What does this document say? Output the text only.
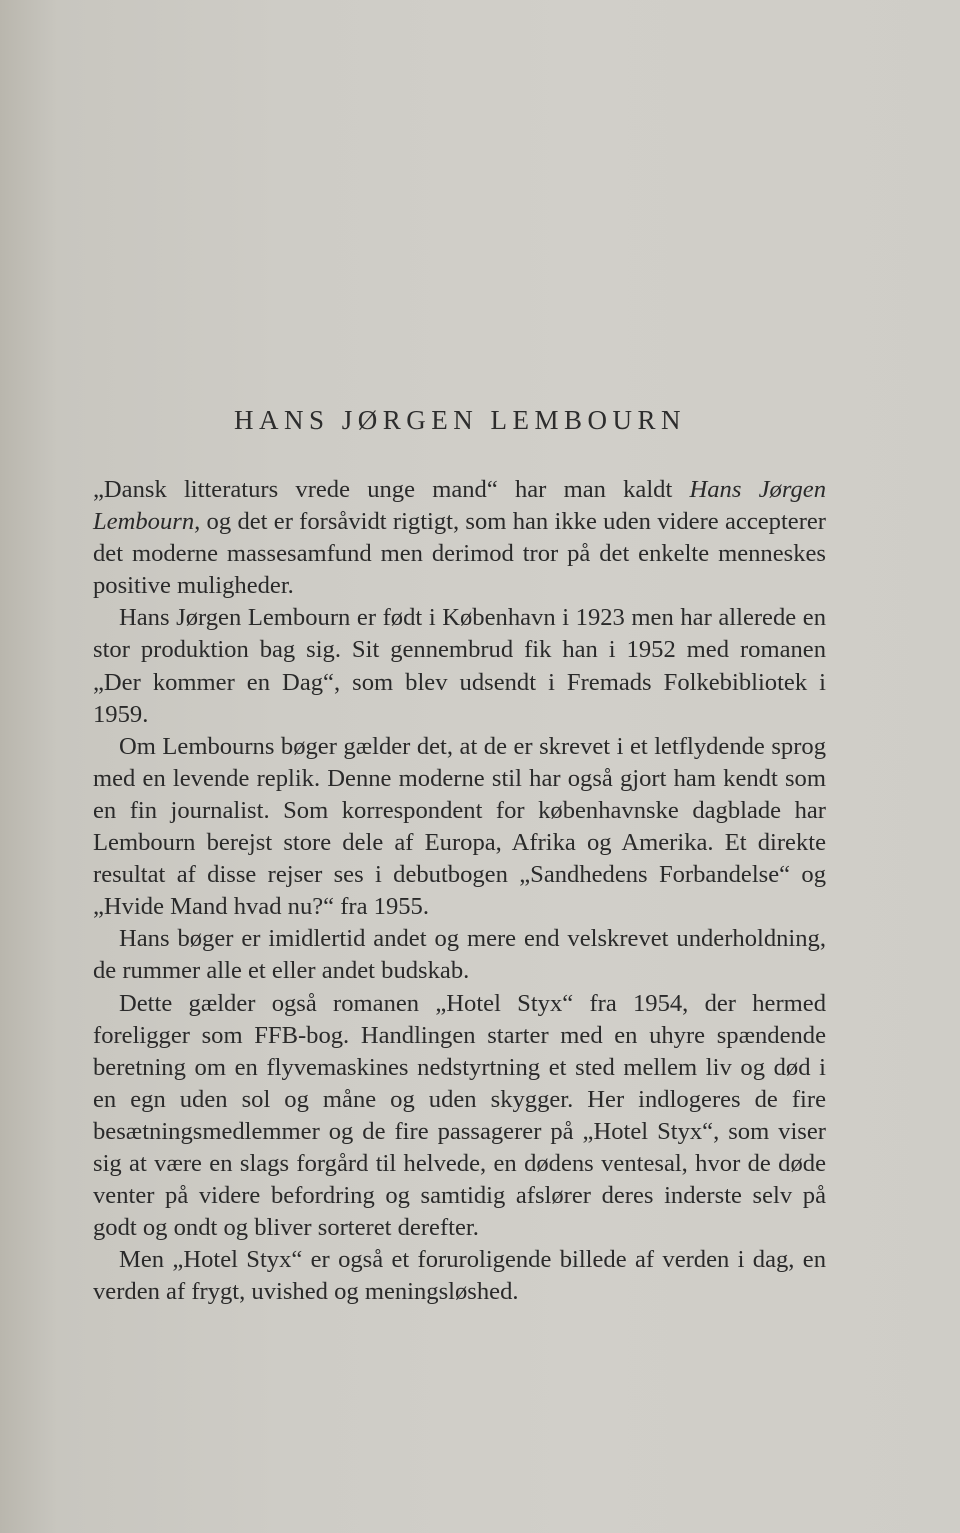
HANS JØRGEN LEMBOURN

„Dansk litteraturs vrede unge mand“ har man kaldt Hans Jørgen Lembourn, og det er forsåvidt rigtigt, som han ikke uden videre accepterer det moderne massesamfund men derimod tror på det enkelte menneskes positive muligheder.

Hans Jørgen Lembourn er født i København i 1923 men har allerede en stor produktion bag sig. Sit gennembrud fik han i 1952 med romanen „Der kommer en Dag“, som blev udsendt i Fremads Folkebibliotek i 1959.

Om Lembourns bøger gælder det, at de er skrevet i et letflydende sprog med en levende replik. Denne moderne stil har også gjort ham kendt som en fin journalist. Som korrespondent for københavnske dagblade har Lembourn berejst store dele af Europa, Afrika og Amerika. Et direkte resultat af disse rejser ses i debutbogen „Sandhedens Forbandelse“ og „Hvide Mand hvad nu?“ fra 1955.

Hans bøger er imidlertid andet og mere end velskrevet underholdning, de rummer alle et eller andet budskab.

Dette gælder også romanen „Hotel Styx“ fra 1954, der hermed foreligger som FFB-bog. Handlingen starter med en uhyre spændende beretning om en flyvemaskines nedstyrtning et sted mellem liv og død i en egn uden sol og måne og uden skygger. Her indlogeres de fire besætningsmedlemmer og de fire passagerer på „Hotel Styx“, som viser sig at være en slags forgård til helvede, en dødens ventesal, hvor de døde venter på videre befordring og samtidig afslører deres inderste selv på godt og ondt og bliver sorteret derefter.

Men „Hotel Styx“ er også et foruroligende billede af verden i dag, en verden af frygt, uvished og meningsløshed.
